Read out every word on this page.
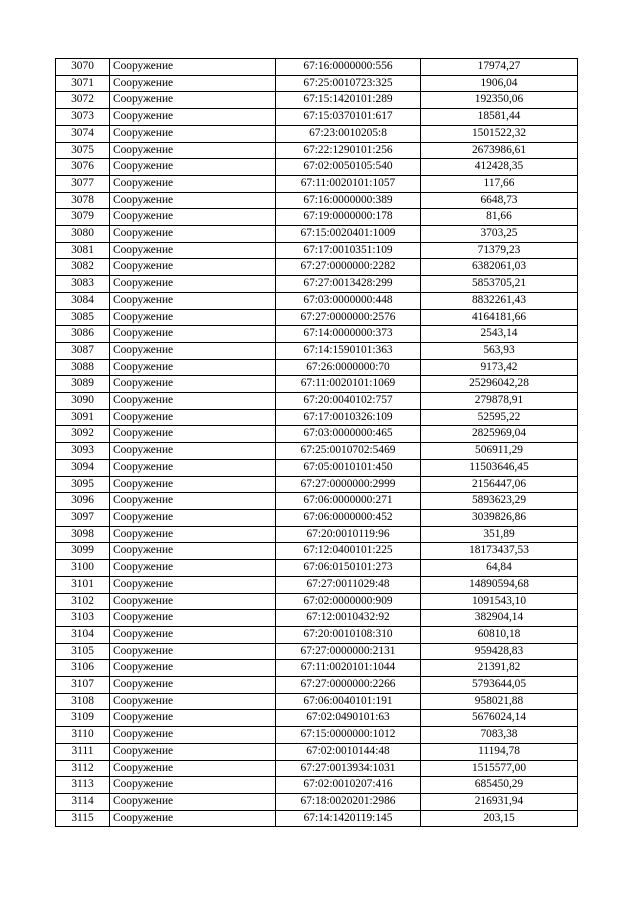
3070	Сооружение	67:16:0000000:556	17974,27
3071	Сооружение	67:25:0010723:325	1906,04
3072	Сооружение	67:15:1420101:289	192350,06
3073	Сооружение	67:15:0370101:617	18581,44
3074	Сооружение	67:23:0010205:8	1501522,32
3075	Сооружение	67:22:1290101:256	2673986,61
3076	Сооружение	67:02:0050105:540	412428,35
3077	Сооружение	67:11:0020101:1057	117,66
3078	Сооружение	67:16:0000000:389	6648,73
3079	Сооружение	67:19:0000000:178	81,66
3080	Сооружение	67:15:0020401:1009	3703,25
3081	Сооружение	67:17:0010351:109	71379,23
3082	Сооружение	67:27:0000000:2282	6382061,03
3083	Сооружение	67:27:0013428:299	5853705,21
3084	Сооружение	67:03:0000000:448	8832261,43
3085	Сооружение	67:27:0000000:2576	4164181,66
3086	Сооружение	67:14:0000000:373	2543,14
3087	Сооружение	67:14:1590101:363	563,93
3088	Сооружение	67:26:0000000:70	9173,42
3089	Сооружение	67:11:0020101:1069	25296042,28
3090	Сооружение	67:20:0040102:757	279878,91
3091	Сооружение	67:17:0010326:109	52595,22
3092	Сооружение	67:03:0000000:465	2825969,04
3093	Сооружение	67:25:0010702:5469	506911,29
3094	Сооружение	67:05:0010101:450	11503646,45
3095	Сооружение	67:27:0000000:2999	2156447,06
3096	Сооружение	67:06:0000000:271	5893623,29
3097	Сооружение	67:06:0000000:452	3039826,86
3098	Сооружение	67:20:0010119:96	351,89
3099	Сооружение	67:12:0400101:225	18173437,53
3100	Сооружение	67:06:0150101:273	64,84
3101	Сооружение	67:27:0011029:48	14890594,68
3102	Сооружение	67:02:0000000:909	1091543,10
3103	Сооружение	67:12:0010432:92	382904,14
3104	Сооружение	67:20:0010108:310	60810,18
3105	Сооружение	67:27:0000000:2131	959428,83
3106	Сооружение	67:11:0020101:1044	21391,82
3107	Сооружение	67:27:0000000:2266	5793644,05
3108	Сооружение	67:06:0040101:191	958021,88
3109	Сооружение	67:02:0490101:63	5676024,14
3110	Сооружение	67:15:0000000:1012	7083,38
3111	Сооружение	67:02:0010144:48	11194,78
3112	Сооружение	67:27:0013934:1031	1515577,00
3113	Сооружение	67:02:0010207:416	685450,29
3114	Сооружение	67:18:0020201:2986	216931,94
3115	Сооружение	67:14:1420119:145	203,15
